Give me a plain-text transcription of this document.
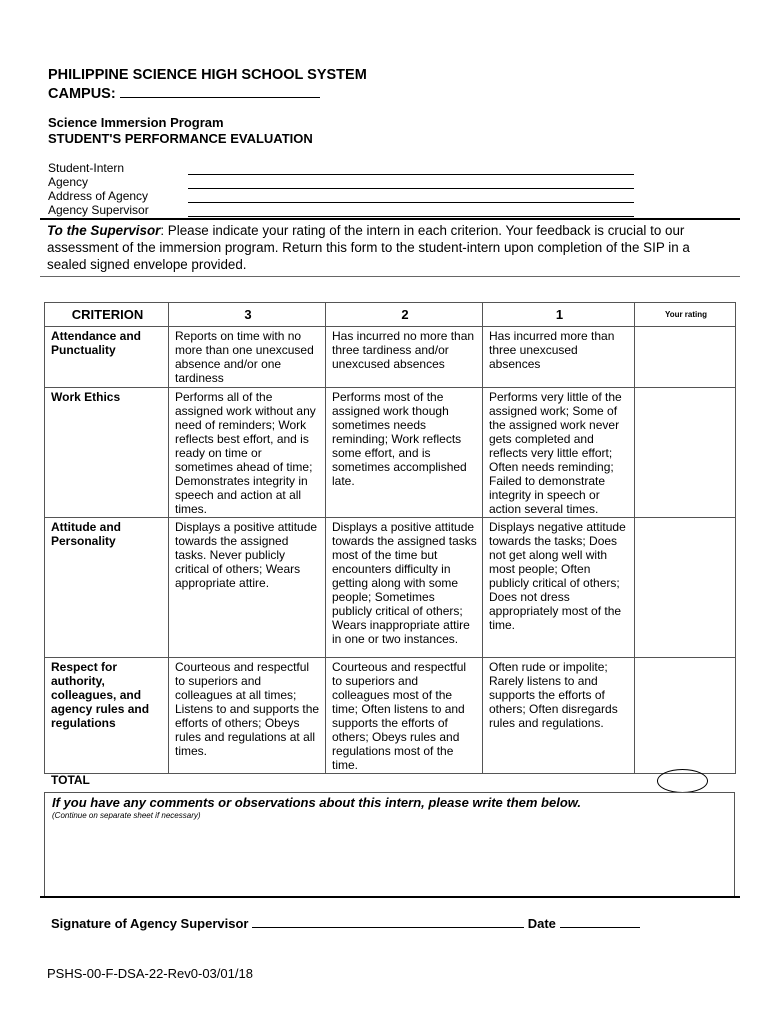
PHILIPPINE SCIENCE HIGH SCHOOL SYSTEM
CAMPUS:
Science Immersion Program
STUDENT'S PERFORMANCE EVALUATION
Student-Intern
Agency
Address of Agency
Agency Supervisor
To the Supervisor: Please indicate your rating of the intern in each criterion. Your feedback is crucial to our assessment of the immersion program. Return this form to the student-intern upon completion of the SIP in a sealed signed envelope provided.
CRITERION	3	2	1	Your rating
Attendance and Punctuality	Reports on time with no more than one unexcused absence and/or one tardiness	Has incurred no more than three tardiness and/or unexcused absences	Has incurred more than three unexcused absences	
Work Ethics	Performs all of the assigned work without any need of reminders; Work reflects best effort, and is ready on time or sometimes ahead of time; Demonstrates integrity in speech and action at all times.	Performs most of the assigned work though sometimes needs reminding; Work reflects some effort, and is sometimes accomplished late.	Performs very little of the assigned work; Some of the assigned work never gets completed and reflects very little effort; Often needs reminding; Failed to demonstrate integrity in speech or action several times.	
Attitude and Personality	Displays a positive attitude towards the assigned tasks. Never publicly critical of others; Wears appropriate attire.	Displays a positive attitude towards the assigned tasks most of the time but encounters difficulty in getting along with some people; Sometimes publicly critical of others; Wears inappropriate attire in one or two instances.	Displays negative attitude towards the tasks; Does not get along well with most people; Often publicly critical of others; Does not dress appropriately most of the time.	
Respect for authority, colleagues, and agency rules and regulations	Courteous and respectful to superiors and colleagues at all times; Listens to and supports the efforts of others; Obeys rules and regulations at all times.	Courteous and respectful to superiors and colleagues most of the time; Often listens to and supports the efforts of others; Obeys rules and regulations most of the time.	Often rude or impolite; Rarely listens to and supports the efforts of others; Often disregards rules and regulations.	
TOTAL
If you have any comments or observations about this intern, please write them below.
(Continue on separate sheet if necessary)
Signature of Agency Supervisor	Date
PSHS-00-F-DSA-22-Rev0-03/01/18
